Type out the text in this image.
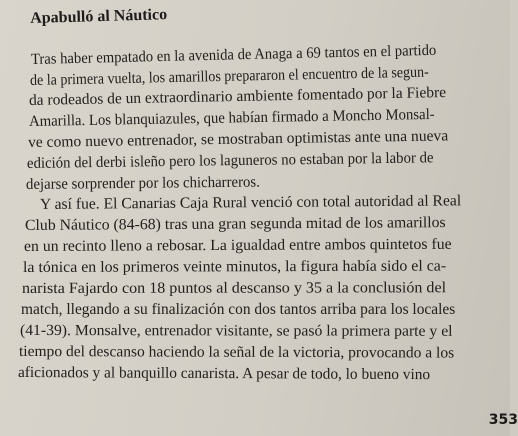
Apabulló al Náutico
Tras haber empatado en la avenida de Anaga a 69 tantos en el partido
de la primera vuelta, los amarillos prepararon el encuentro de la segun-
da rodeados de un extraordinario ambiente fomentado por la Fiebre
Amarilla. Los blanquiazules, que habían firmado a Moncho Monsal-
ve como nuevo entrenador, se mostraban optimistas ante una nueva
edición del derbi isleño pero los laguneros no estaban por la labor de
dejarse sorprender por los chicharreros.
Y así fue. El Canarias Caja Rural venció con total autoridad al Real
Club Náutico (84-68) tras una gran segunda mitad de los amarillos
en un recinto lleno a rebosar. La igualdad entre ambos quintetos fue
la tónica en los primeros veinte minutos, la figura había sido el ca-
narista Fajardo con 18 puntos al descanso y 35 a la conclusión del
match, llegando a su finalización con dos tantos arriba para los locales
(41-39). Monsalve, entrenador visitante, se pasó la primera parte y el
tiempo del descanso haciendo la señal de la victoria, provocando a los
aficionados y al banquillo canarista. A pesar de todo, lo bueno vino
353
